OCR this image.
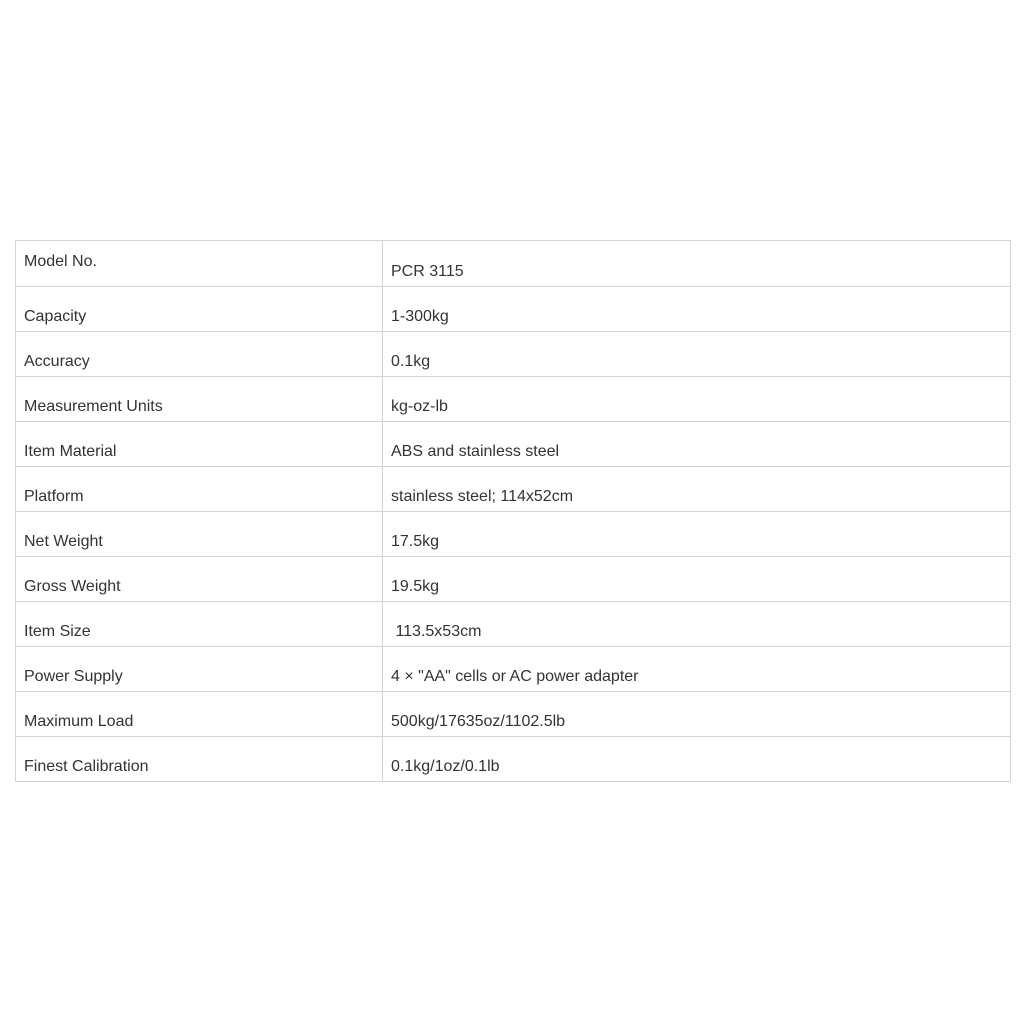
Model No.	PCR 3115
Capacity	1-300kg
Accuracy	0.1kg
Measurement Units	kg-oz-lb
Item Material	ABS and stainless steel
Platform	stainless steel; 114x52cm
Net Weight	17.5kg
Gross Weight	19.5kg
Item Size	113.5x53cm
Power Supply	4 × "AA" cells or AC power adapter
Maximum Load	500kg/17635oz/1102.5lb
Finest Calibration	0.1kg/1oz/0.1lb
